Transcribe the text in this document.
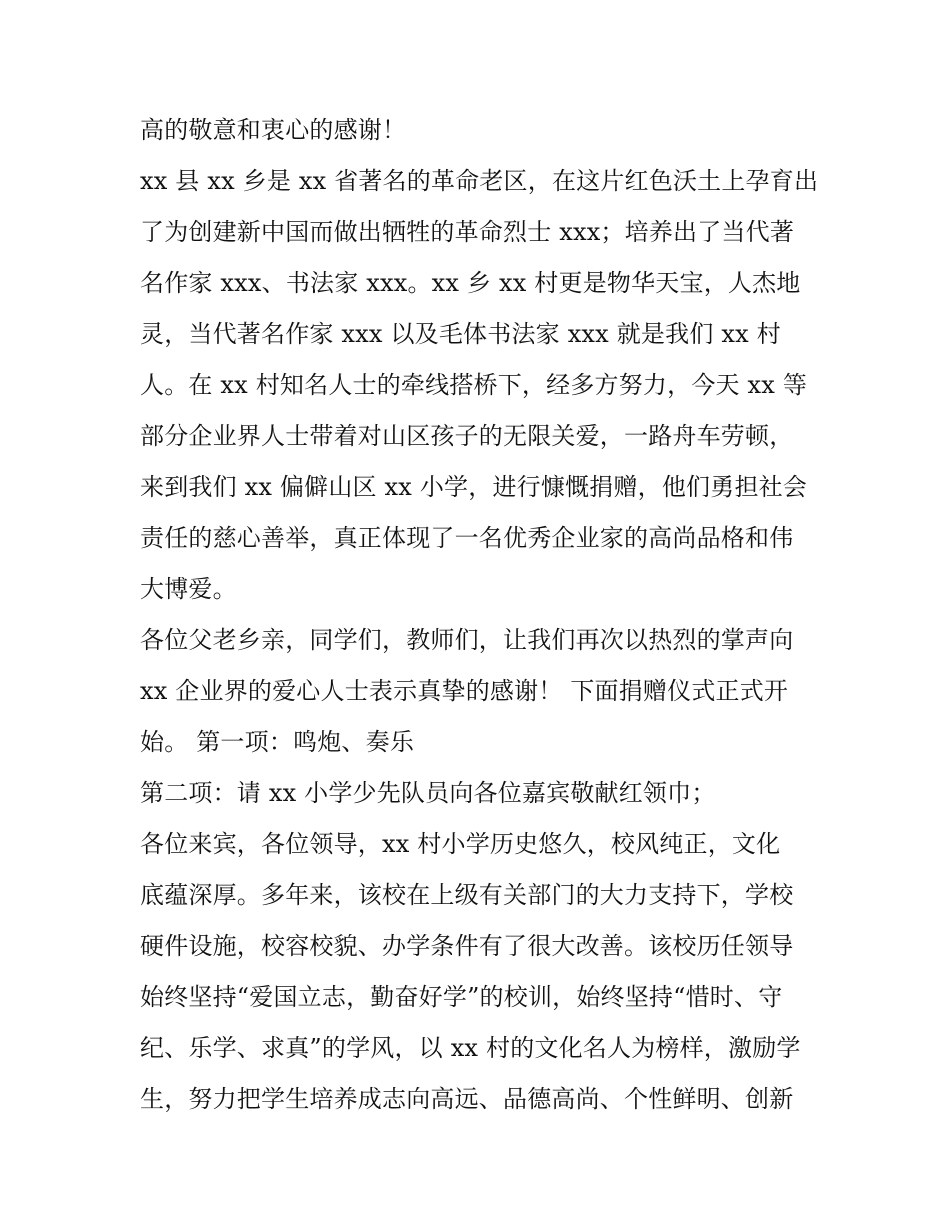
高的敬意和衷心的感谢！
xx 县 xx 乡是 xx 省著名的革命老区，在这片红色沃土上孕育出
了为创建新中国而做出牺牲的革命烈士 xxx；培养出了当代著
名作家 xxx、书法家 xxx。xx 乡 xx 村更是物华天宝，人杰地
灵，当代著名作家 xxx 以及毛体书法家 xxx 就是我们 xx 村
人。在 xx 村知名人士的牵线搭桥下，经多方努力，今天 xx 等
部分企业界人士带着对山区孩子的无限关爱，一路舟车劳顿，
来到我们 xx 偏僻山区 xx 小学，进行慷慨捐赠，他们勇担社会
责任的慈心善举，真正体现了一名优秀企业家的高尚品格和伟
大博爱。
各位父老乡亲，同学们，教师们，让我们再次以热烈的掌声向
xx 企业界的爱心人士表示真挚的感谢！ 下面捐赠仪式正式开
始。 第一项：鸣炮、奏乐
第二项：请 xx 小学少先队员向各位嘉宾敬献红领巾；
各位来宾，各位领导，xx 村小学历史悠久，校风纯正，文化
底蕴深厚。多年来，该校在上级有关部门的大力支持下，学校
硬件设施，校容校貌、办学条件有了很大改善。该校历任领导
始终坚持“爱国立志，勤奋好学”的校训，始终坚持“惜时、守
纪、乐学、求真”的学风，以 xx 村的文化名人为榜样，激励学
生，努力把学生培养成志向高远、品德高尚、个性鲜明、创新
